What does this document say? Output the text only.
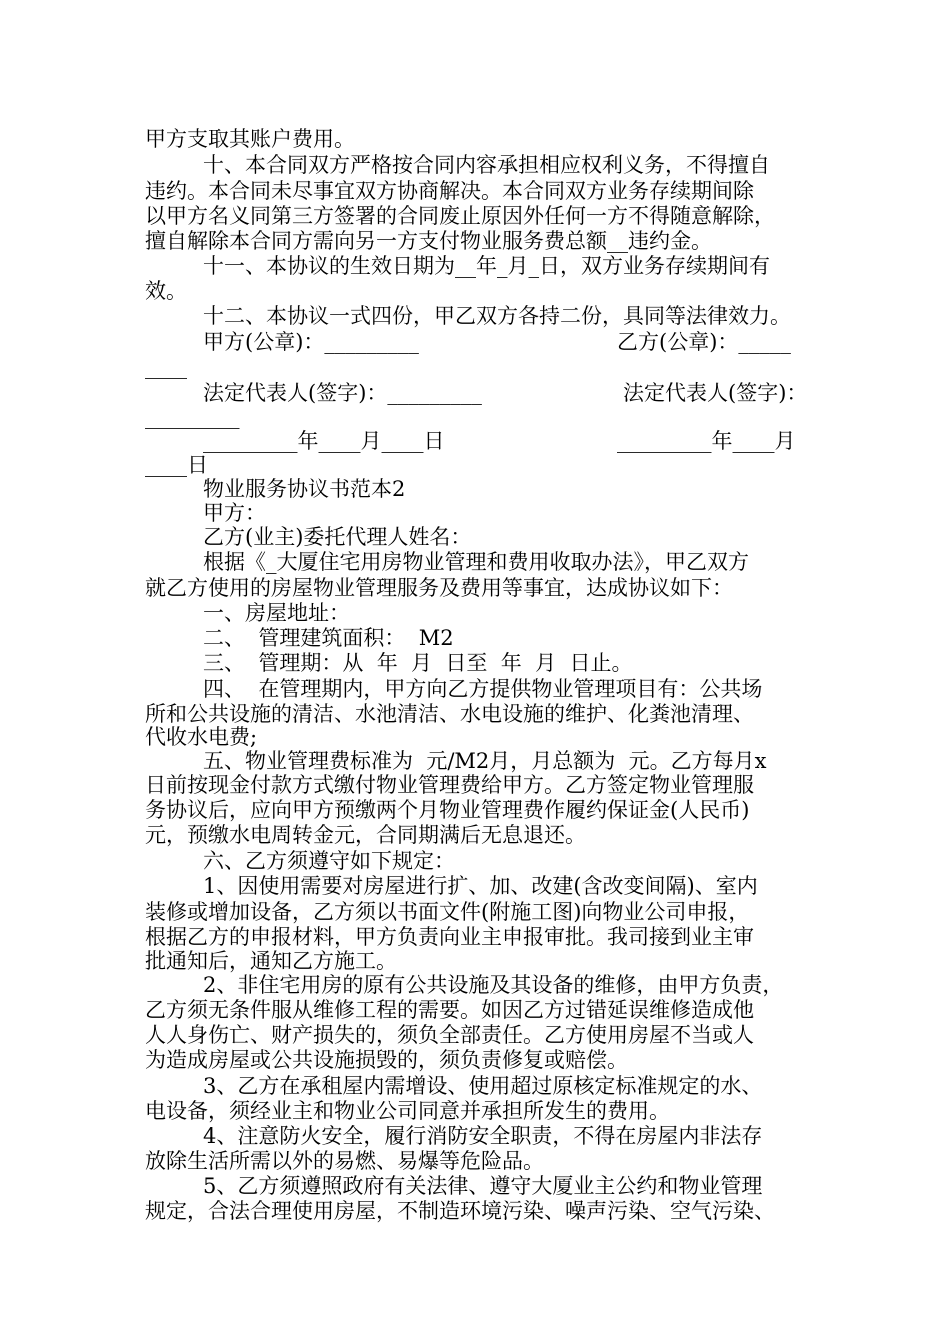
甲方支取其账户费用。
十、本合同双方严格按合同内容承担相应权利义务，不得擅自
违约。本合同未尽事宜双方协商解决。本合同双方业务存续期间除
以甲方名义同第三方签署的合同废止原因外任何一方不得随意解除，
擅自解除本合同方需向另一方支付物业服务费总额__违约金。
十一、本协议的生效日期为__年_月_日，双方业务存续期间有
效。
十二、本协议一式四份，甲乙双方各持二份，具同等法律效力。
甲方(公章)：_________	乙方(公章)：_____
____
法定代表人(签字)：_________	法定代表人(签字)：
_________
_________年____月____日	_________年____月
____日
物业服务协议书范本2
甲方：
乙方(业主)委托代理人姓名：
根据《_大厦住宅用房物业管理和费用收取办法》，甲乙双方
就乙方使用的房屋物业管理服务及费用等事宜，达成协议如下：
一、房屋地址：
二、  管理建筑面积：  M2
三、  管理期：从  年  月  日至  年  月  日止。
四、  在管理期内，甲方向乙方提供物业管理项目有：公共场
所和公共设施的清洁、水池清洁、水电设施的维护、化粪池清理、
代收水电费;
五、物业管理费标准为  元/M2月，月总额为  元。乙方每月x
日前按现金付款方式缴付物业管理费给甲方。乙方签定物业管理服
务协议后，应向甲方预缴两个月物业管理费作履约保证金(人民币)
元，预缴水电周转金元，合同期满后无息退还。
六、乙方须遵守如下规定：
1、因使用需要对房屋进行扩、加、改建(含改变间隔)、室内
装修或增加设备，乙方须以书面文件(附施工图)向物业公司申报，
根据乙方的申报材料，甲方负责向业主申报审批。我司接到业主审
批通知后，通知乙方施工。
2、非住宅用房的原有公共设施及其设备的维修，由甲方负责，
乙方须无条件服从维修工程的需要。如因乙方过错延误维修造成他
人人身伤亡、财产损失的，须负全部责任。乙方使用房屋不当或人
为造成房屋或公共设施损毁的，须负责修复或赔偿。
3、乙方在承租屋内需增设、使用超过原核定标准规定的水、
电设备，须经业主和物业公司同意并承担所发生的费用。
4、注意防火安全，履行消防安全职责，不得在房屋内非法存
放除生活所需以外的易燃、易爆等危险品。
5、乙方须遵照政府有关法律、遵守大厦业主公约和物业管理
规定，合法合理使用房屋，不制造环境污染、噪声污染、空气污染、
